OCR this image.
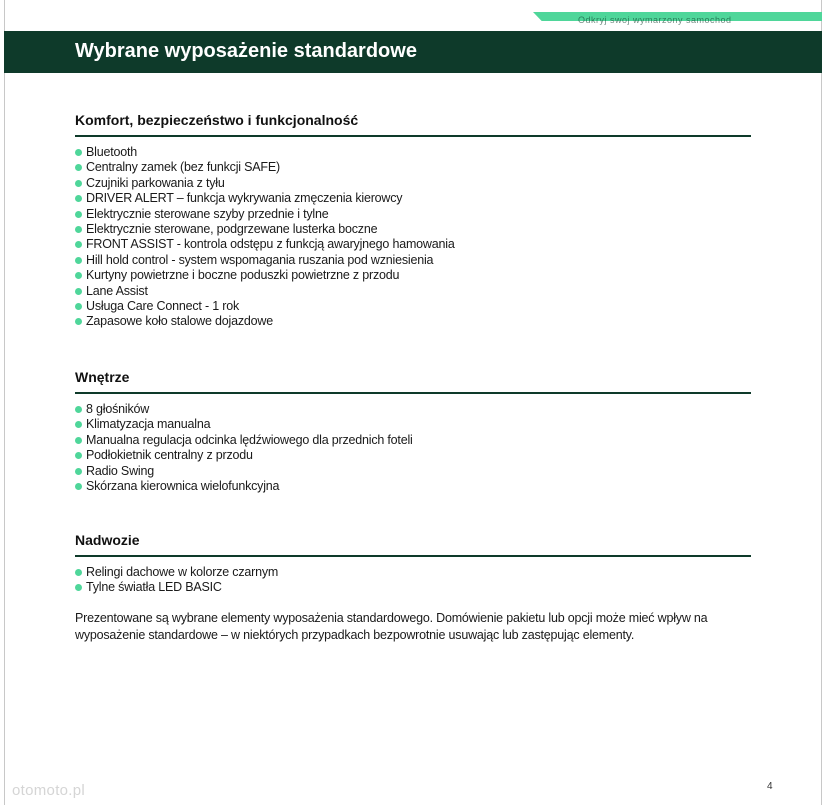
Odkryj swoj wymarzony samochod
Wybrane wyposażenie standardowe
Komfort, bezpieczeństwo i funkcjonalność
Bluetooth
Centralny zamek (bez funkcji SAFE)
Czujniki parkowania z tyłu
DRIVER ALERT – funkcja wykrywania zmęczenia kierowcy
Elektrycznie sterowane szyby przednie i tylne
Elektrycznie sterowane, podgrzewane lusterka boczne
FRONT ASSIST - kontrola odstępu z funkcją awaryjnego hamowania
Hill hold control - system wspomagania ruszania pod wzniesienia
Kurtyny powietrzne i boczne poduszki powietrzne z przodu
Lane Assist
Usługa Care Connect - 1 rok
Zapasowe koło stalowe dojazdowe
Wnętrze
8 głośników
Klimatyzacja manualna
Manualna regulacja odcinka lędźwiowego dla przednich foteli
Podłokietnik centralny z przodu
Radio Swing
Skórzana kierownica wielofunkcyjna
Nadwozie
Relingi dachowe w kolorze czarnym
Tylne światła LED BASIC
Prezentowane są wybrane elementy wyposażenia standardowego. Domówienie pakietu lub opcji może mieć wpływ na wyposażenie standardowe – w niektórych przypadkach bezpowrotnie usuwając lub zastępując elementy.
4
otomoto.pl
